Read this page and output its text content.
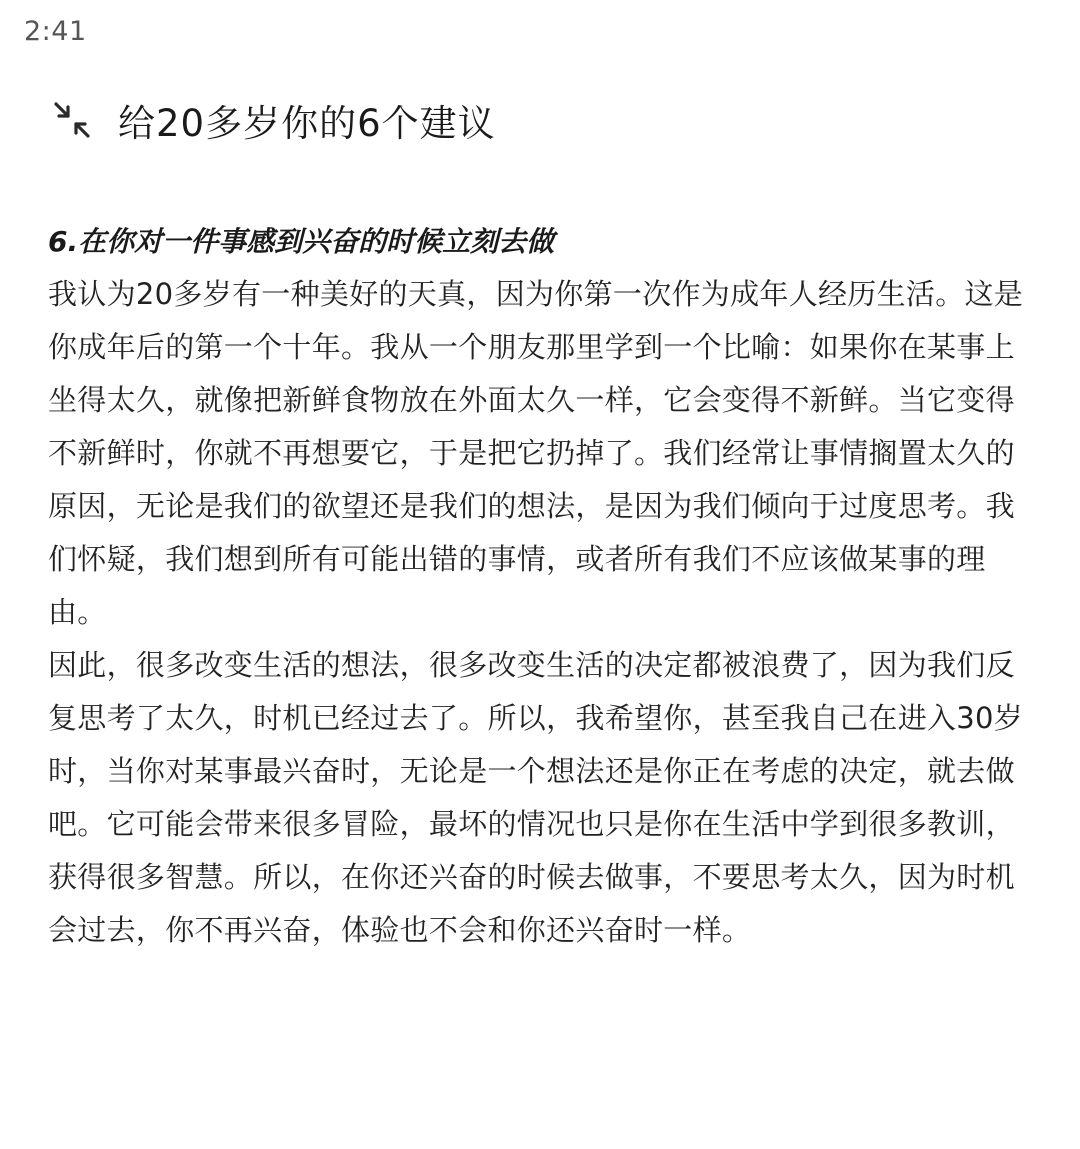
2:41
给20多岁你的6个建议
6.在你对一件事感到兴奋的时候立刻去做
我认为20多岁有一种美好的天真，因为你第一次作为成年人经历生活。这是你成年后的第一个十年。我从一个朋友那里学到一个比喻：如果你在某事上坐得太久，就像把新鲜食物放在外面太久一样，它会变得不新鲜。当它变得不新鲜时，你就不再想要它，于是把它扔掉了。我们经常让事情搁置太久的原因，无论是我们的欲望还是我们的想法，是因为我们倾向于过度思考。我们怀疑，我们想到所有可能出错的事情，或者所有我们不应该做某事的理由。
因此，很多改变生活的想法，很多改变生活的决定都被浪费了，因为我们反复思考了太久，时机已经过去了。所以，我希望你，甚至我自己在进入30岁时，当你对某事最兴奋时，无论是一个想法还是你正在考虑的决定，就去做吧。它可能会带来很多冒险，最坏的情况也只是你在生活中学到很多教训，获得很多智慧。所以，在你还兴奋的时候去做事，不要思考太久，因为时机会过去，你不再兴奋，体验也不会和你还兴奋时一样。
